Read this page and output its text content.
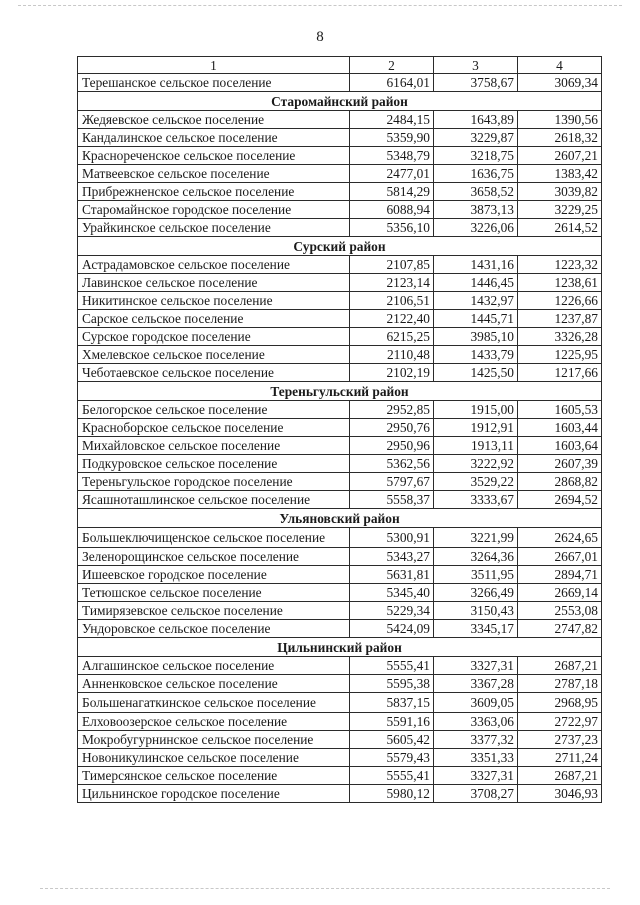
8
1	2	3	4
Терешанское сельское поселение	6164,01	3758,67	3069,34
Старомайнский район			
Жедяевское сельское поселение	2484,15	1643,89	1390,56
Кандалинское сельское поселение	5359,90	3229,87	2618,32
Краснореченское сельское поселение	5348,79	3218,75	2607,21
Матвеевское сельское поселение	2477,01	1636,75	1383,42
Прибрежненское сельское поселение	5814,29	3658,52	3039,82
Старомайнское городское поселение	6088,94	3873,13	3229,25
Урайкинское сельское поселение	5356,10	3226,06	2614,52
Сурский район			
Астрадамовское сельское поселение	2107,85	1431,16	1223,32
Лавинское сельское поселение	2123,14	1446,45	1238,61
Никитинское сельское поселение	2106,51	1432,97	1226,66
Сарское сельское поселение	2122,40	1445,71	1237,87
Сурское городское поселение	6215,25	3985,10	3326,28
Хмелевское сельское поселение	2110,48	1433,79	1225,95
Чеботаевское сельское поселение	2102,19	1425,50	1217,66
Тереньгульский район			
Белогорское сельское поселение	2952,85	1915,00	1605,53
Красноборское сельское поселение	2950,76	1912,91	1603,44
Михайловское сельское поселение	2950,96	1913,11	1603,64
Подкуровское сельское поселение	5362,56	3222,92	2607,39
Тереньгульское городское поселение	5797,67	3529,22	2868,82
Ясашноташлинское сельское поселение	5558,37	3333,67	2694,52
Ульяновский район			
Большеключищенское сельское поселение	5300,91	3221,99	2624,65
Зеленорощинское сельское поселение	5343,27	3264,36	2667,01
Ишеевское городское поселение	5631,81	3511,95	2894,71
Тетюшское сельское поселение	5345,40	3266,49	2669,14
Тимирязевское сельское поселение	5229,34	3150,43	2553,08
Ундоровское сельское поселение	5424,09	3345,17	2747,82
Цильнинский район			
Алгашинское сельское поселение	5555,41	3327,31	2687,21
Анненковское сельское поселение	5595,38	3367,28	2787,18
Большенагаткинское сельское поселение	5837,15	3609,05	2968,95
Елховоозерское сельское поселение	5591,16	3363,06	2722,97
Мокробугурнинское сельское поселение	5605,42	3377,32	2737,23
Новоникулинское сельское поселение	5579,43	3351,33	2711,24
Тимерсянское сельское поселение	5555,41	3327,31	2687,21
Цильнинское городское поселение	5980,12	3708,27	3046,93
